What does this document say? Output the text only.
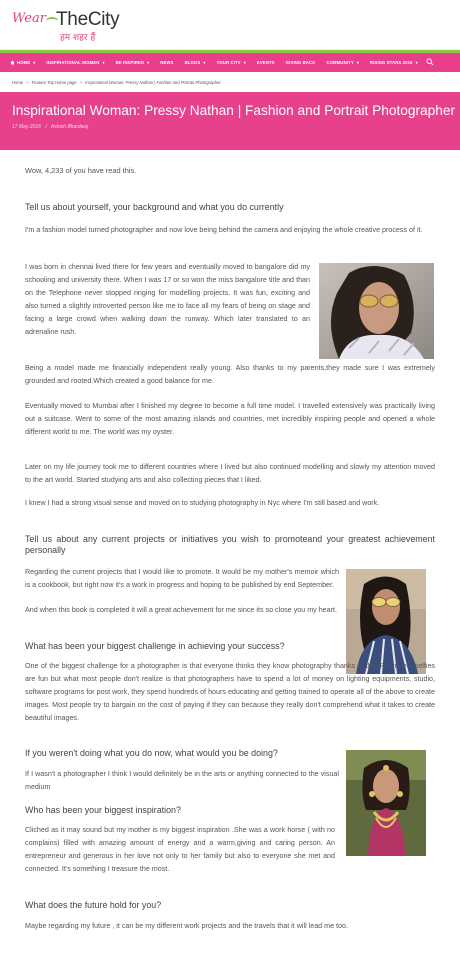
Wear TheCity
हम शहर हैं
HOME ▾	INSPIRATIONAL WOMEN ▾	BE INSPIRED ▾	NEWS	BLOGS ▾	YOUR CITY ▾	EVENTS	GIVING BACK	COMMUNITY ▾	RISING STARS 2016 ▾
Home > Feature Top Home page > Inspirational Woman: Pressy Nathan | Fashion and Portrait Photographer
Inspirational Woman: Pressy Nathan | Fashion and Portrait Photographer
17 May 2016 / Ashish Bhardwaj
Wow, 4,233 of you have read this.
Tell us about yourself, your background and what you do currently
I'm a fashion model turned photographer and now love being behind the camera and enjoying the whole creative process of it.
I was born in chennai lived there for few years and eventually moved to bangalore did my schooling and university there. When I was 17 or so won the miss bangalore title and than on the Telephone never stopped ringing for modelling projects. It was fun, exciting and also turned a slightly introverted person like me to face all my fears of being on stage and facing a large crowd when walking down the runway. Which later translated to an adrenaline rush.
Being a model made me financially independent really young. Also thanks to my parents,they made sure I was extremely grounded and rooted.Which created a good balance for me.
Eventually moved to Mumbai after I finished my degree to become a full time model. I travelled extensively was practically living out a suitcase. Went to some of the most amazing islands and countries, met incredibly inspiring people and opened a whole different world to me. The world was my oyster.
Later on my life journey took me to different countries where I lived but also continued modelling and slowly my attention moved to the art world. Started studying arts and also collecting pieces that I liked.
I knew I had a strong visual sense and moved on to studying photography in Nyc where I'm still based and work.
Tell us about any current projects or initiatives you wish to promoteand your greatest achievement personally
Regarding the current projects that I would like to promote. It would be my mother's memoir which is a cookbook, but right now it's a work in progress and hoping to be published by end September.
And when this book is completed it will a great achievement for me since its so close you my heart.
What has been your biggest challenge in achieving your success?
One of the biggest challenge for a photographer is that everyone thinks they know photography thanks to the iPhone etc selfies are fun but what most people don't realize is that photographers have to spend a lot of money on lighting equipments, studio, software programs for post work, they spend hundreds of hours educating and getting trained to operate all of the above to create images. Most people try to bargain on the cost of paying if they can because they really don't comprehend what it takes to create beautiful images.
If you weren't doing what you do now, what would you be doing?
If I wasn't a photographer I think I would definitely be in the arts or anything connected to the visual medium
Who has been your biggest inspiration?
Cliched as it may sound but my mother is my biggest inspiration .She was a work horse ( with no complains) filled with amazing amount of energy and a warm,giving and caring person. An entrepreneur and generous in her love not only to her family but also to everyone she met and connected. It's something I treasure the most.
What does the future hold for you?
Maybe regarding my future , it can be my different work projects and the travels that it will lead me too.
